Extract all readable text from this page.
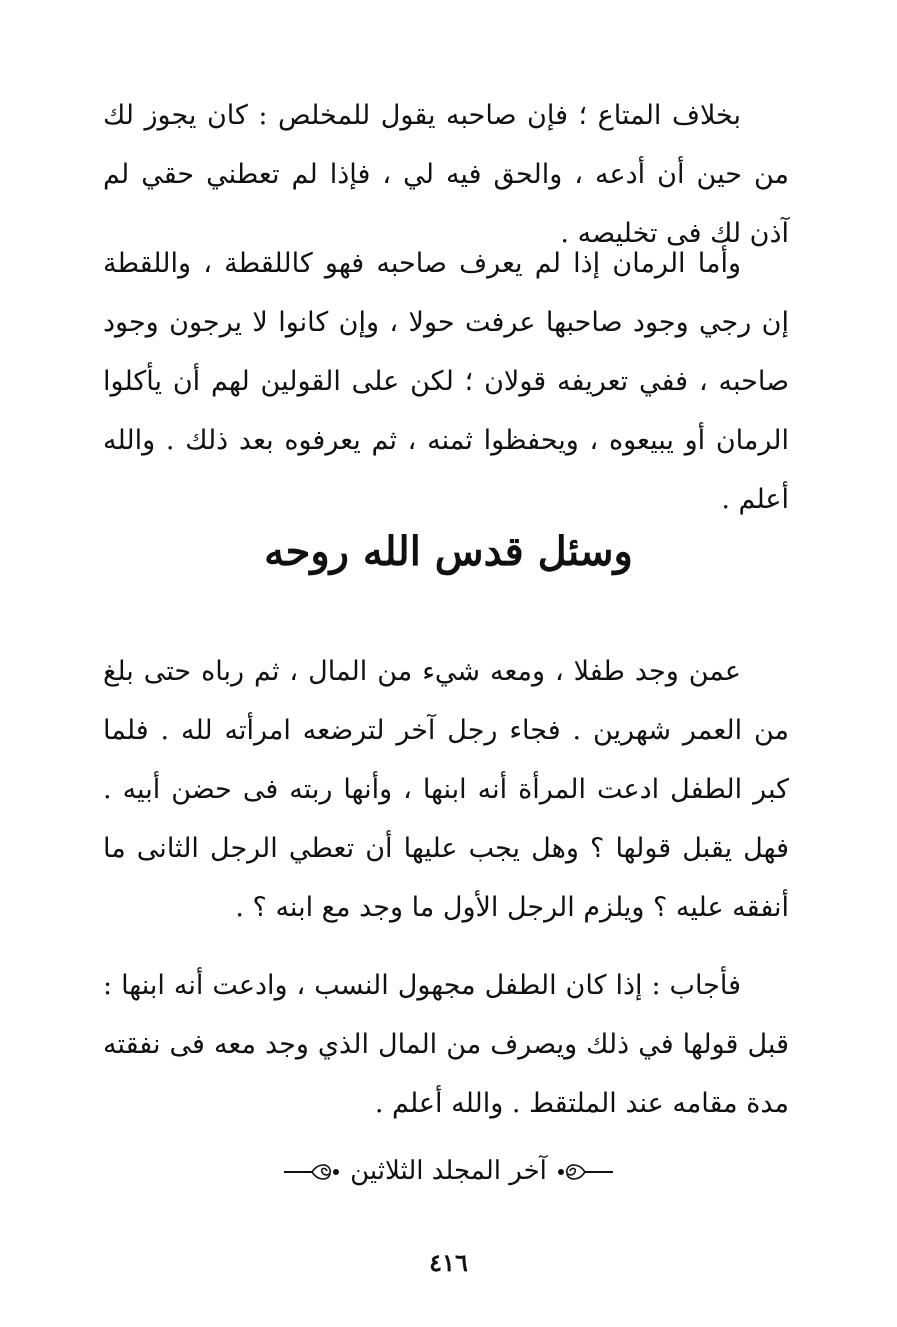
بخلاف المتاع ؛ فإن صاحبه يقول للمخلص : كان يجوز لك من حين أن أدعه ، والحق فيه لي ، فإذا لم تعطني حقي لم آذن لك فى تخليصه .

وأما الرمان إذا لم يعرف صاحبه فهو كاللقطة ، واللقطة إن رجي وجود صاحبها عرفت حولا ، وإن كانوا لا يرجون وجود صاحبه ، ففي تعريفه قولان ؛ لكن على القولين لهم أن يأكلوا الرمان أو يبيعوه ، ويحفظوا ثمنه ، ثم يعرفوه بعد ذلك . والله أعلم .

وسئل قدس الله روحه

عمن وجد طفلا ، ومعه شيء من المال ، ثم رباه حتى بلغ من العمر شهرين . فجاء رجل آخر لترضعه امرأته لله . فلما كبر الطفل ادعت المرأة أنه ابنها ، وأنها ربته فى حضن أبيه . فهل يقبل قولها ؟ وهل يجب عليها أن تعطي الرجل الثانى ما أنفقه عليه ؟ ويلزم الرجل الأول ما وجد مع ابنه ؟ .

فأجاب : إذا كان الطفل مجهول النسب ، وادعت أنه ابنها : قبل قولها في ذلك ويصرف من المال الذي وجد معه فى نفقته مدة مقامه عند الملتقط . والله أعلم .

آخر المجلد الثلاثين
٤١٦
